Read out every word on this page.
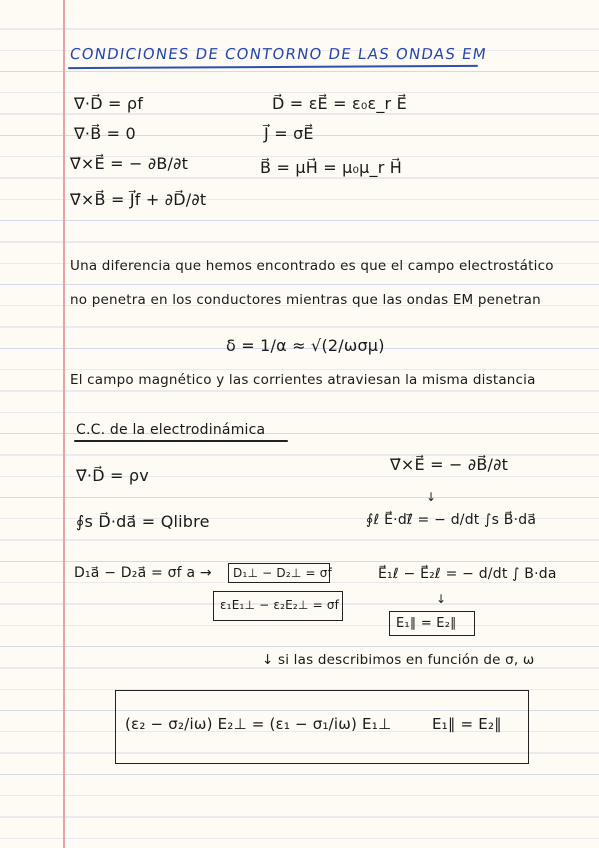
CONDICIONES DE CONTORNO DE LAS ONDAS EM
∇·D⃗ = ρf
∇·B⃗ = 0
∇⃗×E⃗ = − ∂B/∂t
∇⃗×B⃗ = J⃗f + ∂D⃗/∂t
D⃗ = εE⃗ = ε₀ε_r E⃗
J⃗ = σE⃗
B⃗ = μH⃗ = μ₀μ_r H⃗
Una diferencia que hemos encontrado es que el campo electrostático
no penetra en los conductores mientras que las ondas EM penetran
δ = 1/α ≈ √(2/ωσμ)
El campo magnético y las corrientes atraviesan la misma distancia
C.C. de la electrodinámica
∇⃗·D⃗ = ρv
∮s D⃗·da⃗ = Qlibre
D₁a⃗ − D₂a⃗ = σf a → D₁⊥ − D₂⊥ = σf
ε₁E₁⊥ − ε₂E₂⊥ = σf
∇⃗×E⃗ = − ∂B⃗/∂t
↓
∮ℓ E⃗·dℓ⃗ = − d/dt ∫s B⃗·da⃗
E⃗₁ℓ − E⃗₂ℓ = − d/dt ∫ B·da
↓
E₁∥ = E₂∥
↓ si las describimos en función de σ, ω
(ε₂ − σ₂/iω) E₂⊥ = (ε₁ − σ₁/iω) E₁⊥	E₁∥ = E₂∥
